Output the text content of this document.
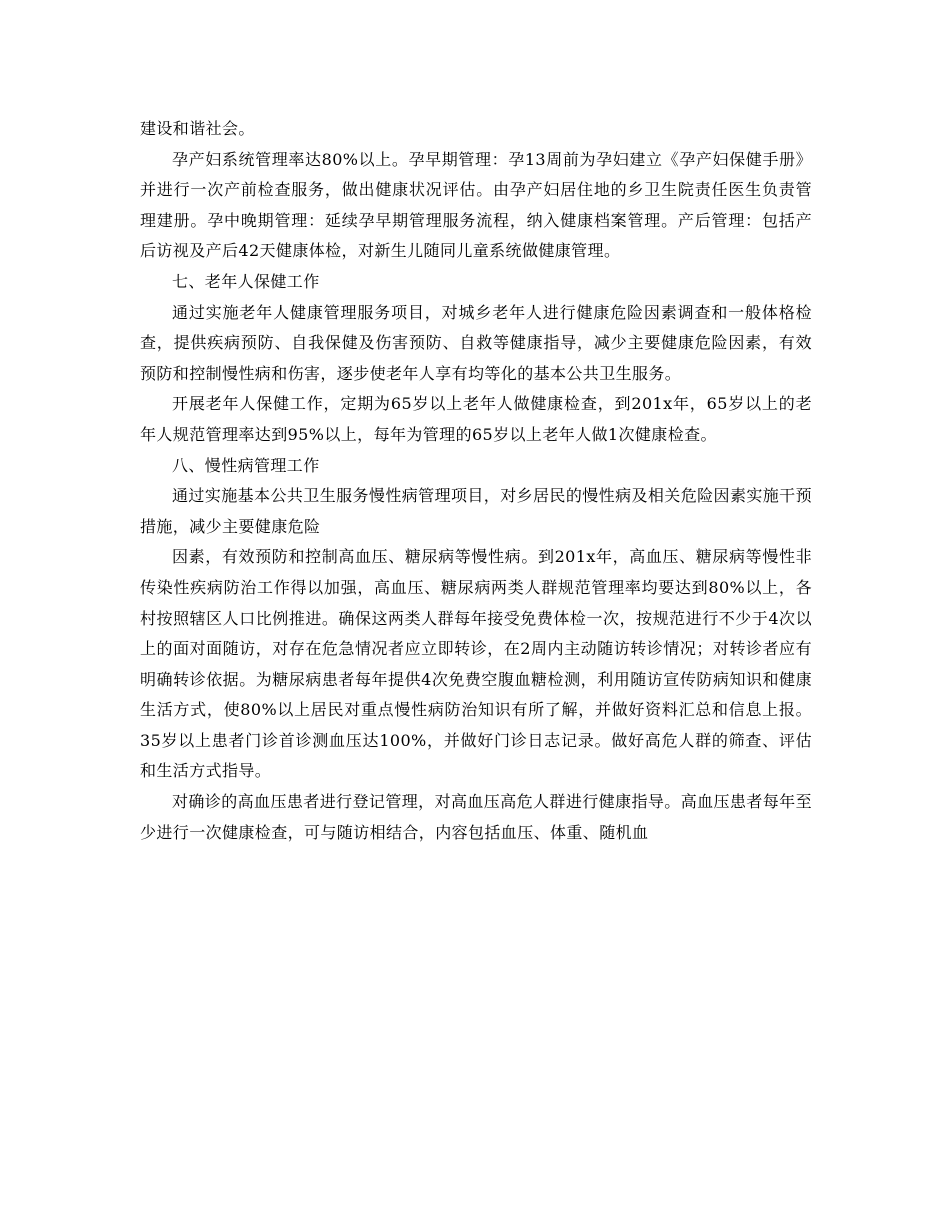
建设和谐社会。

孕产妇系统管理率达80%以上。孕早期管理：孕13周前为孕妇建立《孕产妇保健手册》并进行一次产前检查服务，做出健康状况评估。由孕产妇居住地的乡卫生院责任医生负责管理建册。孕中晚期管理：延续孕早期管理服务流程，纳入健康档案管理。产后管理：包括产后访视及产后42天健康体检，对新生儿随同儿童系统做健康管理。

七、老年人保健工作

通过实施老年人健康管理服务项目，对城乡老年人进行健康危险因素调查和一般体格检查，提供疾病预防、自我保健及伤害预防、自救等健康指导，减少主要健康危险因素，有效预防和控制慢性病和伤害，逐步使老年人享有均等化的基本公共卫生服务。

开展老年人保健工作，定期为65岁以上老年人做健康检查，到201x年，65岁以上的老年人规范管理率达到95%以上，每年为管理的65岁以上老年人做1次健康检查。

八、慢性病管理工作

通过实施基本公共卫生服务慢性病管理项目，对乡居民的慢性病及相关危险因素实施干预措施，减少主要健康危险

因素，有效预防和控制高血压、糖尿病等慢性病。到201x年，高血压、糖尿病等慢性非传染性疾病防治工作得以加强，高血压、糖尿病两类人群规范管理率均要达到80%以上，各村按照辖区人口比例推进。确保这两类人群每年接受免费体检一次，按规范进行不少于4次以上的面对面随访，对存在危急情况者应立即转诊，在2周内主动随访转诊情况；对转诊者应有明确转诊依据。为糖尿病患者每年提供4次免费空腹血糖检测，利用随访宣传防病知识和健康生活方式，使80%以上居民对重点慢性病防治知识有所了解，并做好资料汇总和信息上报。35岁以上患者门诊首诊测血压达100%，并做好门诊日志记录。做好高危人群的筛查、评估和生活方式指导。

对确诊的高血压患者进行登记管理，对高血压高危人群进行健康指导。高血压患者每年至少进行一次健康检查，可与随访相结合，内容包括血压、体重、随机血
